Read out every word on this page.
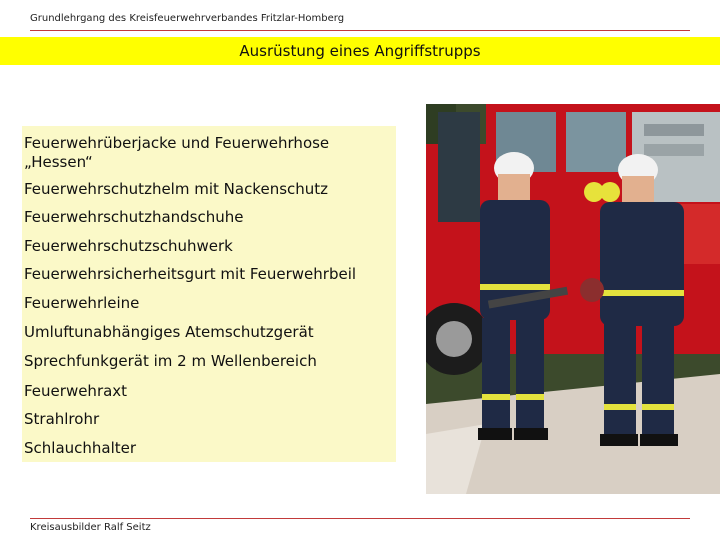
Grundlehrgang des Kreisfeuerwehrverbandes Fritzlar-Homberg
Ausrüstung eines Angriffstrupps
Feuerwehrüberjacke und Feuerwehrhose
„Hessen“
Feuerwehrschutzhelm mit Nackenschutz
Feuerwehrschutzhandschuhe
Feuerwehrschutzschuhwerk
Feuerwehrsicherheitsgurt mit Feuerwehrbeil
Feuerwehrleine
Umluftunabhängiges Atemschutzgerät
Sprechfunkgerät im 2 m Wellenbereich
Feuerwehraxt
Strahlrohr
Schlauchhalter
Kreisausbilder Ralf Seitz
